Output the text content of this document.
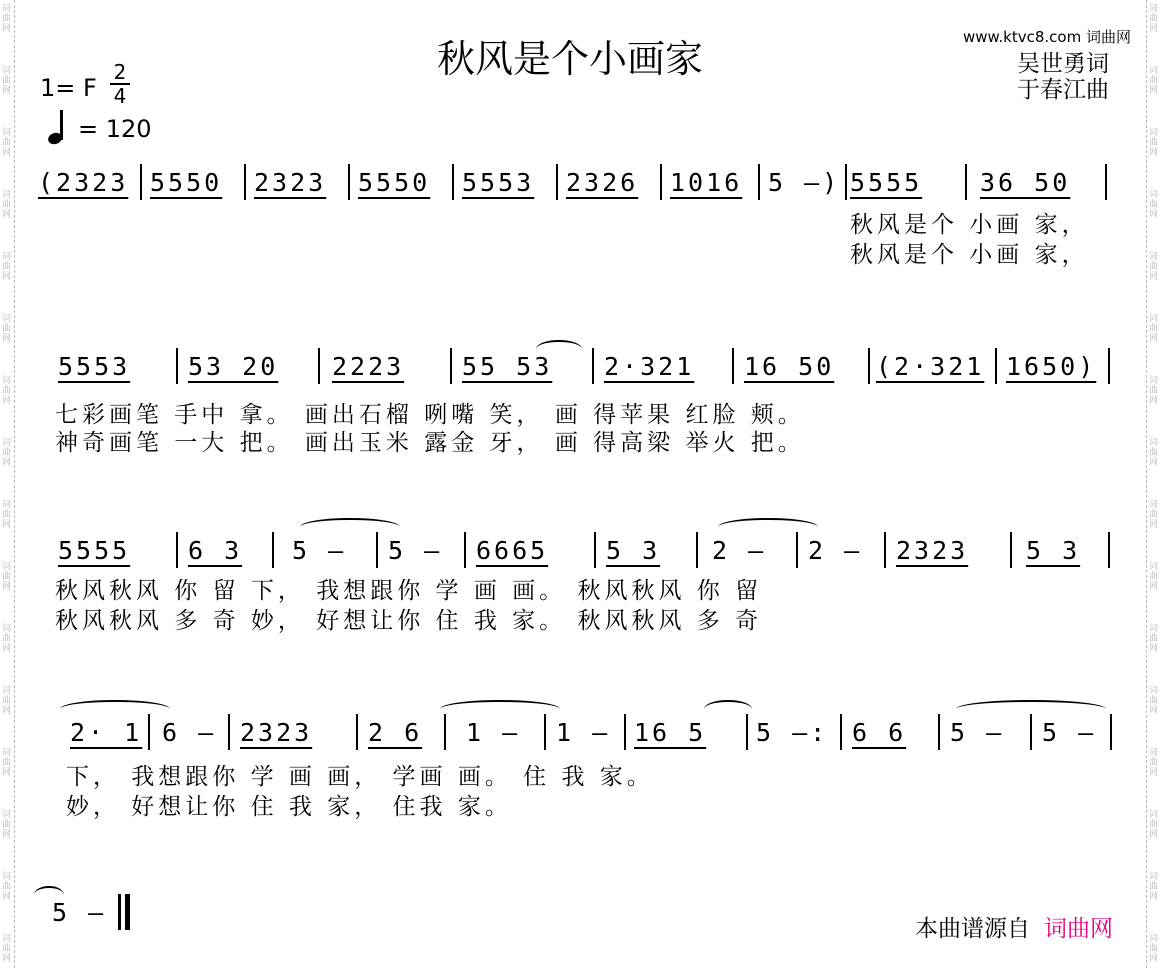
词
曲
网
词
曲
网
词
曲
网
词
曲
网
词
曲
网
词
曲
网
词
曲
网
词
曲
网
词
曲
网
词
曲
网
词
曲
网
词
曲
网
词
曲
网
词
曲
网
词
曲
网
词
曲
网
词
曲
网
词
曲
网
词
曲
网
词
曲
网
词
曲
网
词
曲
网
词
曲
网
词
曲
网
词
曲
网
词
曲
网
词
曲
网
词
曲
网
词
曲
网
词
曲
网
词
曲
网
词
曲
网
秋风是个小画家	www.ktvc8.com 词曲网
吴世勇词
于春江曲
1= F
2
4
= 120
(2323 5550 2323 5550 5553 2326 1016 5 –) 5555 36 50
秋风是个 小画 家，
秋风是个 小画 家，
5553 53 20 2223 55 53 2·321 16 50 (2·321 1650)
七彩画笔 手中 拿。 画出石榴 咧嘴 笑， 画 得苹果 红脸 颊。
神奇画笔 一大 把。 画出玉米 露金 牙， 画 得高梁 举火 把。
5555 6 3 5 – 5 – 6665 5 3 2 – 2 – 2323 5 3
秋风秋风 你 留 下， 我想跟你 学 画 画。 秋风秋风 你 留
秋风秋风 多 奇 妙， 好想让你 住 我 家。 秋风秋风 多 奇
2· 1 6 – 2323 2 6 1 – 1 – 16 5 5 –: 6 6 5 – 5 –
下， 我想跟你 学 画 画， 学画 画。 住 我 家。
妙， 好想让你 住 我 家， 住我 家。
5 –
本曲谱源自 词曲网
